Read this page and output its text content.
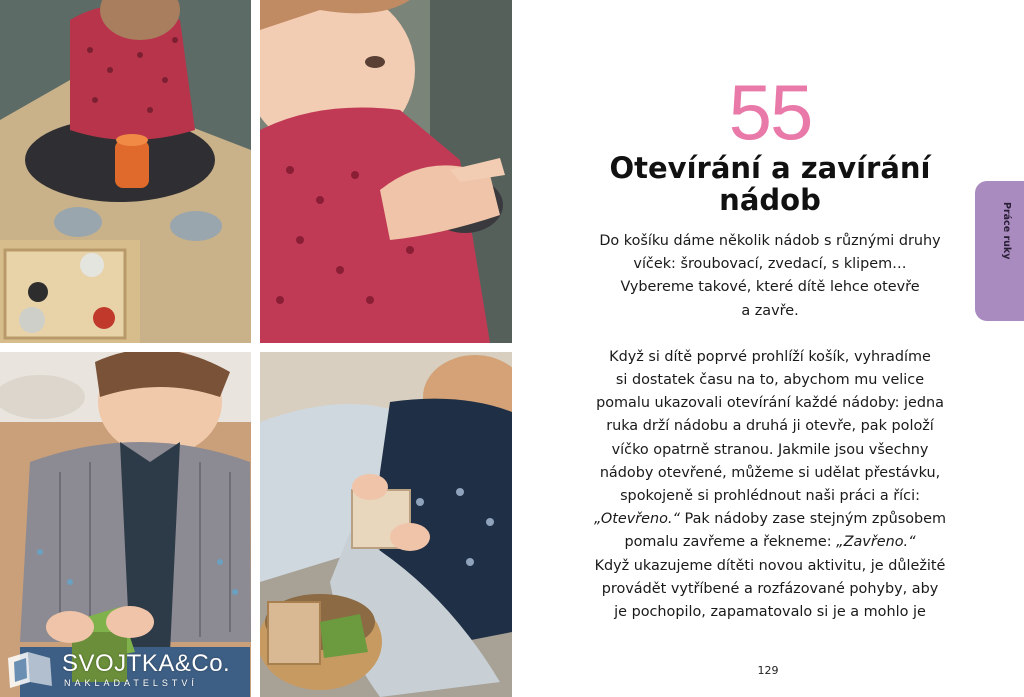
SVOJTKA&Co.
NAKLADATELSTVÍ
55
Otevírání a zavírání
nádob

Do košíku dáme několik nádob s různými druhy
víček: šroubovací, zvedací, s klipem…
Vybereme takové, které dítě lehce otevře
a zavře.

Když si dítě poprvé prohlíží košík, vyhradíme
si dostatek času na to, abychom mu velice
pomalu ukazovali otevírání každé nádoby: jedna
ruka drží nádobu a druhá ji otevře, pak položí
víčko opatrně stranou. Jakmile jsou všechny
nádoby otevřené, můžeme si udělat přestávku,
spokojeně si prohlédnout naši práci a říci:
„Otevřeno.“ Pak nádoby zase stejným způsobem
pomalu zavřeme a řekneme: „Zavřeno.“
Když ukazujeme dítěti novou aktivitu, je důležité
provádět vytříbené a rozfázované pohyby, aby
je pochopilo, zapamatovalo si je a mohlo je

129
Práce ruky
